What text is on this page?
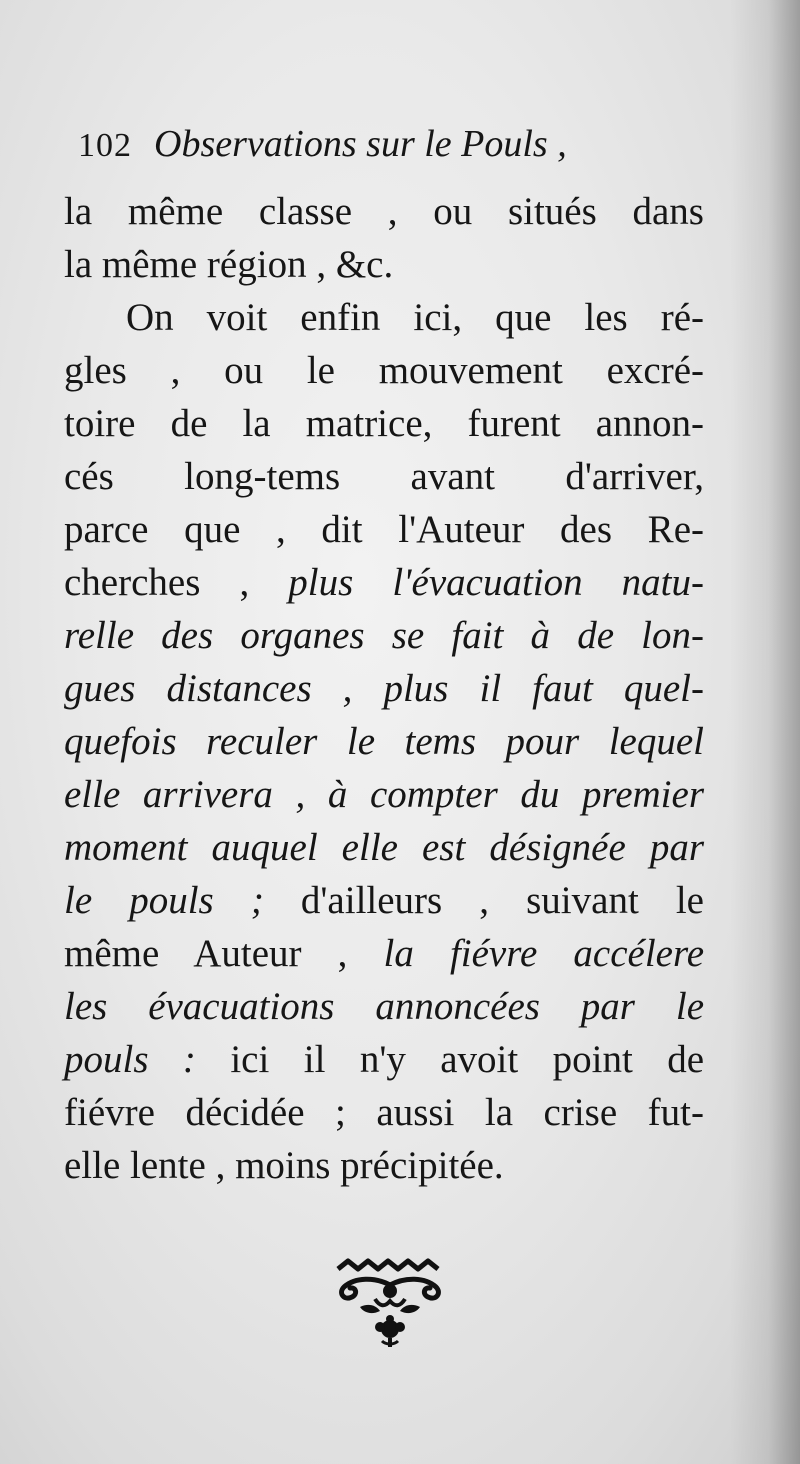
​
102 Observations sur le Pouls ,
la même classe , ou situés dans
la même région , &c.
On voit enfin ici, que les ré-
gles , ou le mouvement excré-
toire de la matrice, furent annon-
cés long-tems avant d'arriver,
parce que , dit l'Auteur des Re-
cherches , plus l'évacuation natu-
relle des organes se fait à de lon-
gues distances , plus il faut quel-
quefois reculer le tems pour lequel
elle arrivera , à compter du premier
moment auquel elle est désignée par
le pouls ; d'ailleurs , suivant le
même Auteur , la fiévre accélere
les évacuations annoncées par le
pouls : ici il n'y avoit point de
fiévre décidée ; aussi la crise fut-
elle lente , moins précipitée.
